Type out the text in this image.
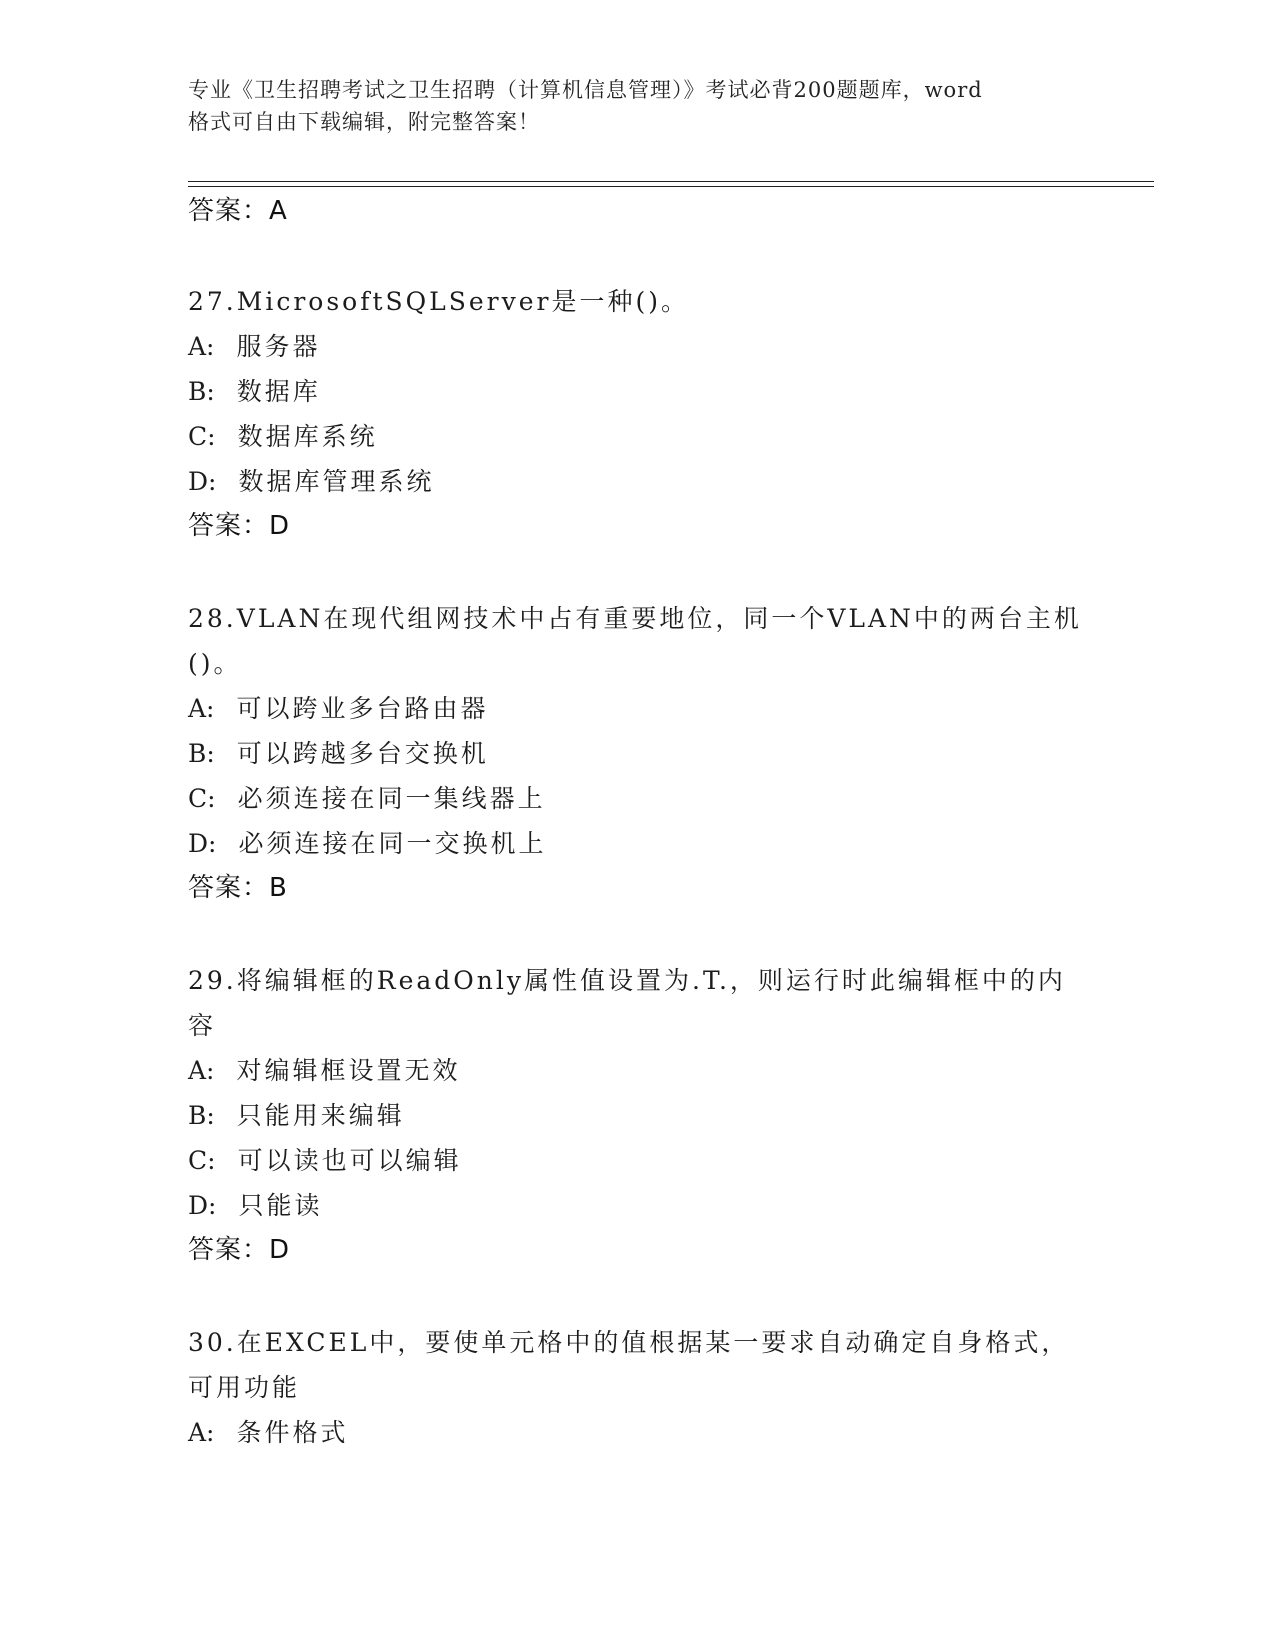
专业《卫生招聘考试之卫生招聘（计算机信息管理）》考试必背200题题库，word
格式可自由下载编辑，附完整答案！
答案：A
27.MicrosoftSQLServer是一种()。
A: 服务器
B: 数据库
C: 数据库系统
D: 数据库管理系统
答案：D
28.VLAN在现代组网技术中占有重要地位，同一个VLAN中的两台主机
()。
A: 可以跨业多台路由器
B: 可以跨越多台交换机
C: 必须连接在同一集线器上
D: 必须连接在同一交换机上
答案：B
29.将编辑框的ReadOnly属性值设置为.T.，则运行时此编辑框中的内
容
A: 对编辑框设置无效
B: 只能用来编辑
C: 可以读也可以编辑
D: 只能读
答案：D
30.在EXCEL中，要使单元格中的值根据某一要求自动确定自身格式，
可用功能
A: 条件格式
